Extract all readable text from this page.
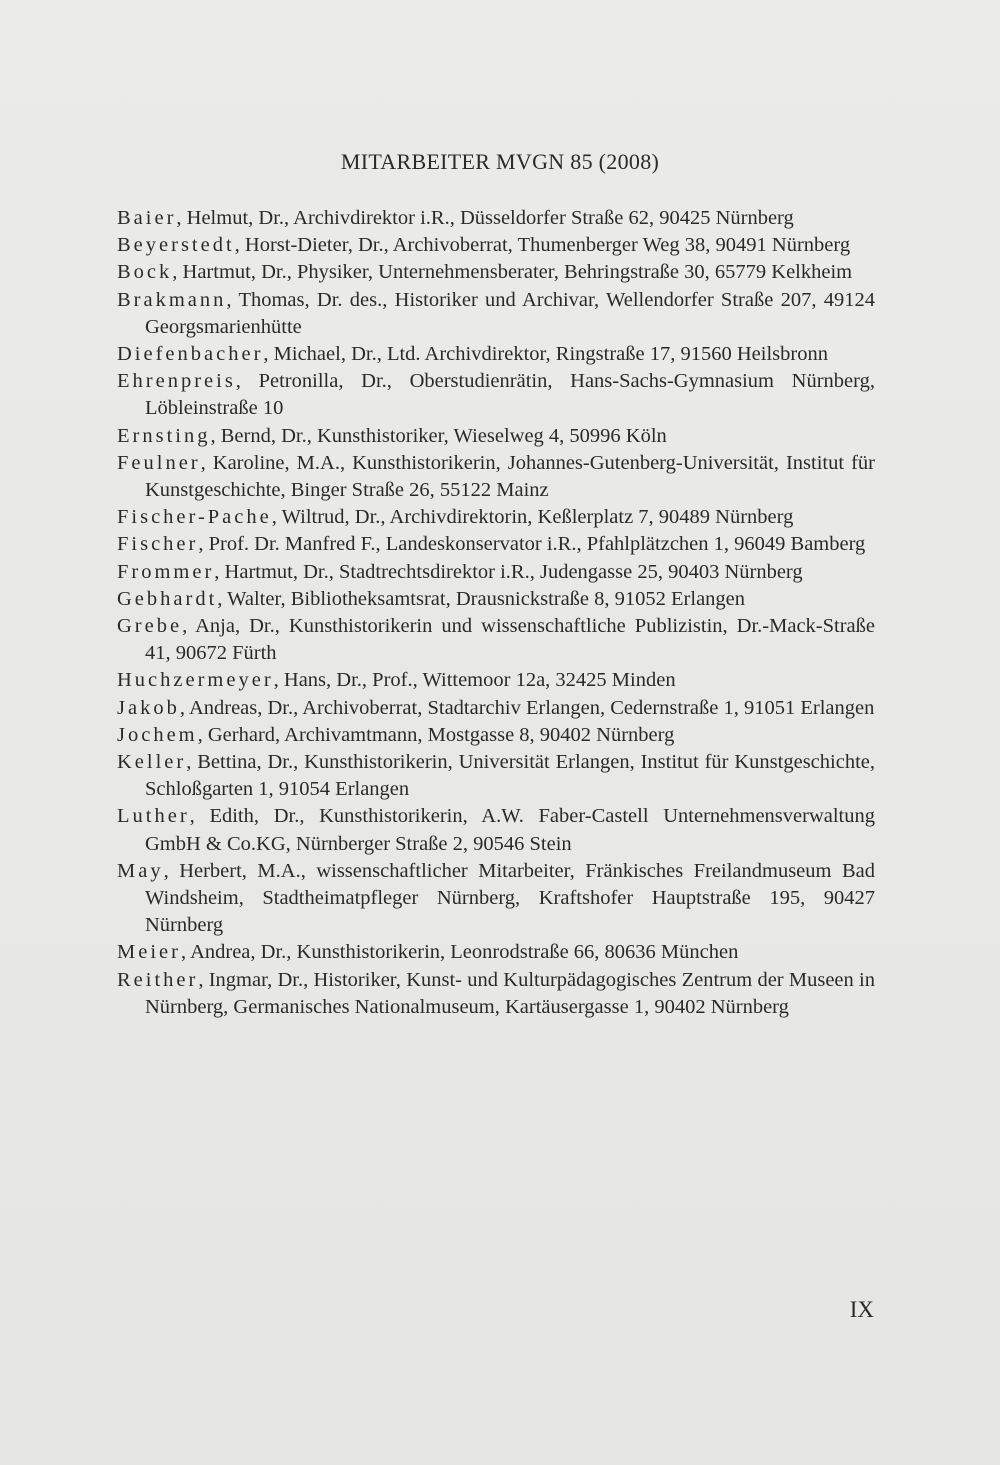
MITARBEITER MVGN 85 (2008)

Baier, Helmut, Dr., Archivdirektor i.R., Düsseldorfer Straße 62, 90425 Nürnberg

Beyerstedt, Horst-Dieter, Dr., Archivoberrat, Thumenberger Weg 38, 90491 Nürnberg

Bock, Hartmut, Dr., Physiker, Unternehmensberater, Behringstraße 30, 65779 Kelkheim

Brakmann, Thomas, Dr. des., Historiker und Archivar, Wellendorfer Straße 207, 49124 Georgsmarienhütte

Diefenbacher, Michael, Dr., Ltd. Archivdirektor, Ringstraße 17, 91560 Heilsbronn

Ehrenpreis, Petronilla, Dr., Oberstudienrätin, Hans-Sachs-Gymnasium Nürnberg, Löbleinstraße 10

Ernsting, Bernd, Dr., Kunsthistoriker, Wieselweg 4, 50996 Köln

Feulner, Karoline, M.A., Kunsthistorikerin, Johannes-Gutenberg-Universität, Institut für Kunstgeschichte, Binger Straße 26, 55122 Mainz

Fischer-Pache, Wiltrud, Dr., Archivdirektorin, Keßlerplatz 7, 90489 Nürnberg

Fischer, Prof. Dr. Manfred F., Landeskonservator i.R., Pfahlplätzchen 1, 96049 Bamberg

Frommer, Hartmut, Dr., Stadtrechtsdirektor i.R., Judengasse 25, 90403 Nürnberg

Gebhardt, Walter, Bibliotheksamtsrat, Drausnickstraße 8, 91052 Erlangen

Grebe, Anja, Dr., Kunsthistorikerin und wissenschaftliche Publizistin, Dr.-Mack-Straße 41, 90672 Fürth

Huchzermeyer, Hans, Dr., Prof., Wittemoor 12a, 32425 Minden

Jakob, Andreas, Dr., Archivoberrat, Stadtarchiv Erlangen, Cedernstraße 1, 91051 Erlangen

Jochem, Gerhard, Archivamtmann, Mostgasse 8, 90402 Nürnberg

Keller, Bettina, Dr., Kunsthistorikerin, Universität Erlangen, Institut für Kunstgeschichte, Schloßgarten 1, 91054 Erlangen

Luther, Edith, Dr., Kunsthistorikerin, A.W. Faber-Castell Unternehmensverwaltung GmbH & Co.KG, Nürnberger Straße 2, 90546 Stein

May, Herbert, M.A., wissenschaftlicher Mitarbeiter, Fränkisches Freilandmuseum Bad Windsheim, Stadtheimatpfleger Nürnberg, Kraftshofer Hauptstraße 195, 90427 Nürnberg

Meier, Andrea, Dr., Kunsthistorikerin, Leonrodstraße 66, 80636 München

Reither, Ingmar, Dr., Historiker, Kunst- und Kulturpädagogisches Zentrum der Museen in Nürnberg, Germanisches Nationalmuseum, Kartäusergasse 1, 90402 Nürnberg

IX
